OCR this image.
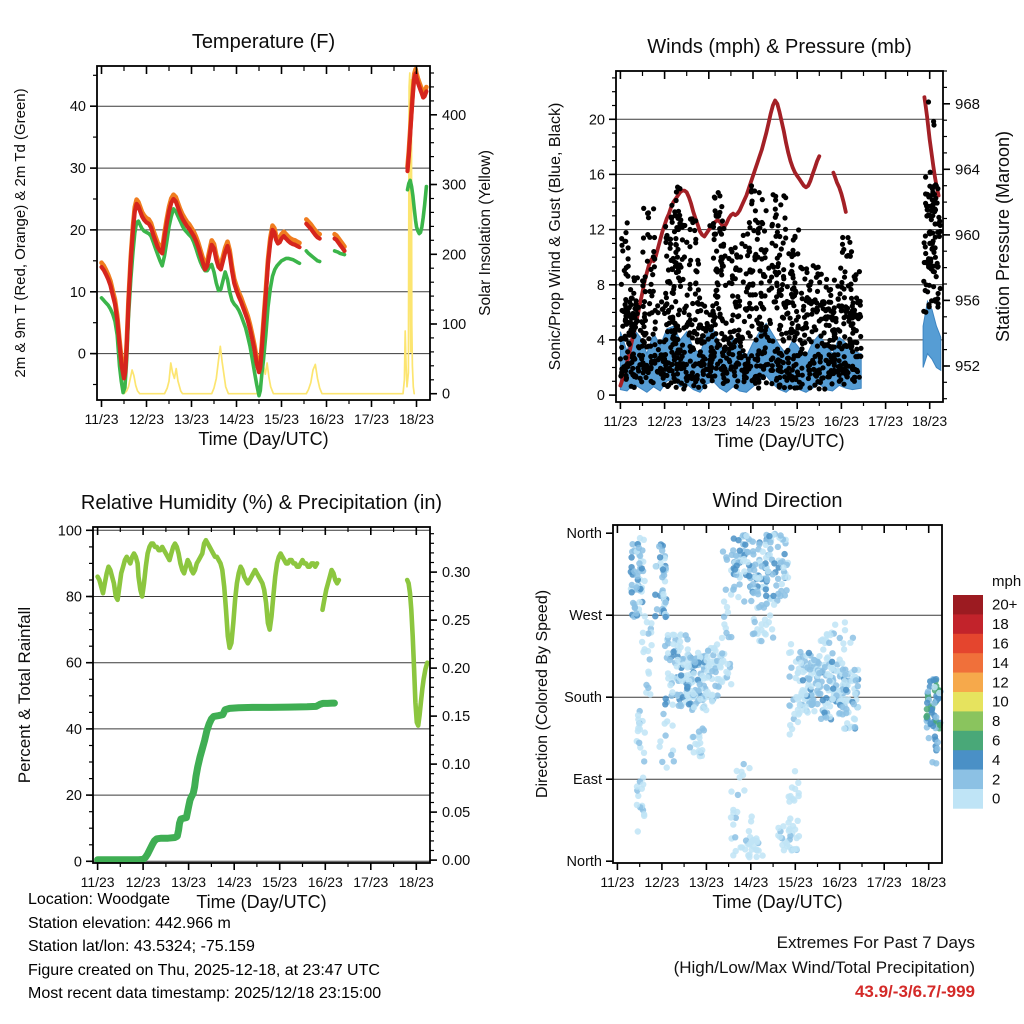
11/23 12/23 13/23 14/23 15/23 16/23 17/23 18/23
0
10
20
30
40
0
100
200
300
400
Temperature (F)
Time (Day/UTC)
2m & 9m T (Red, Orange) & 2m Td (Green)	Solar Insolation (Yellow)
11/23 12/23 13/23 14/23 15/23 16/23 17/23 18/23
0
4
8
12
16
20
952
956
960
964
968
Winds (mph) & Pressure (mb)
Time (Day/UTC)
Sonic/Prop Wind & Gust (Blue, Black)	Station Pressure (Maroon)
11/23 12/23 13/23 14/23 15/23 16/23 17/23 18/23
0
20
40
60
80
100
0.00
0.05
0.10
0.15
0.20
0.25
0.30
Relative Humidity (%) & Precipitation (in)
Time (Day/UTC)
Percent & Total Rainfall
11/23 12/23 13/23 14/23 15/23 16/23 17/23 18/23
North
West
South
East
North
Wind Direction
Time (Day/UTC)
Direction (Colored By Speed)
mph
20+
18
16
14
12
10
8
6
4
2
0
Location: Woodgate
Station elevation: 442.966 m
Station lat/lon: 43.5324; -75.159
Figure created on Thu, 2025-12-18, at 23:47 UTC
Most recent data timestamp: 2025/12/18 23:15:00
Extremes For Past 7 Days
(High/Low/Max Wind/Total Precipitation)
43.9/-3/6.7/-999
